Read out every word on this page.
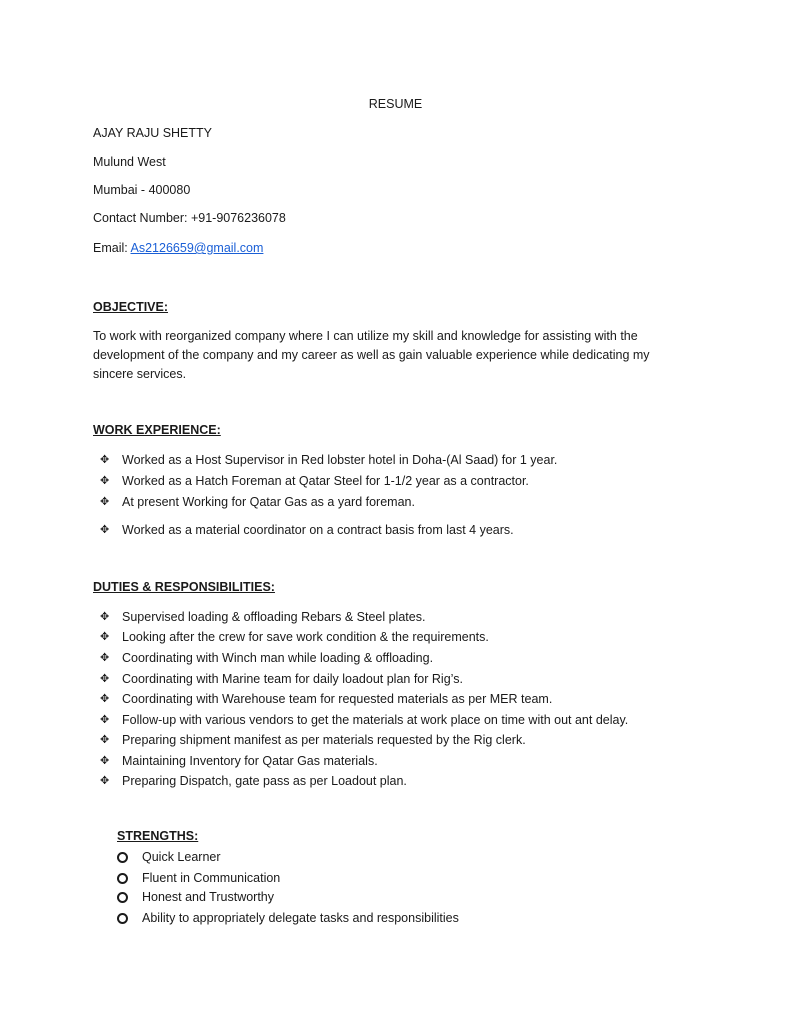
RESUME
AJAY RAJU SHETTY
Mulund West
Mumbai - 400080
Contact Number: +91-9076236078
Email: As2126659@gmail.com
OBJECTIVE:
To work with reorganized company where I can utilize my skill and knowledge for assisting with the development of the company and my career as well as gain valuable experience while dedicating my sincere services.
WORK EXPERIENCE:
✥ Worked as a Host Supervisor in Red lobster hotel in Doha-(Al Saad) for 1 year.
✥ Worked as a Hatch Foreman at Qatar Steel for 1-1/2 year as a contractor.
✥ At present Working for Qatar Gas as a yard foreman.
✥ Worked as a material coordinator on a contract basis from last 4 years.
DUTIES & RESPONSIBILITIES:
✥ Supervised loading & offloading Rebars & Steel plates.
✥ Looking after the crew for save work condition & the requirements.
✥ Coordinating with Winch man while loading & offloading.
✥ Coordinating with Marine team for daily loadout plan for Rig’s.
✥ Coordinating with Warehouse team for requested materials as per MER team.
✥ Follow-up with various vendors to get the materials at work place on time with out ant delay.
✥ Preparing shipment manifest as per materials requested by the Rig clerk.
✥ Maintaining Inventory for Qatar Gas materials.
✥ Preparing Dispatch, gate pass as per Loadout plan.
STRENGTHS:
Quick Learner
Fluent in Communication
Honest and Trustworthy
Ability to appropriately delegate tasks and responsibilities
